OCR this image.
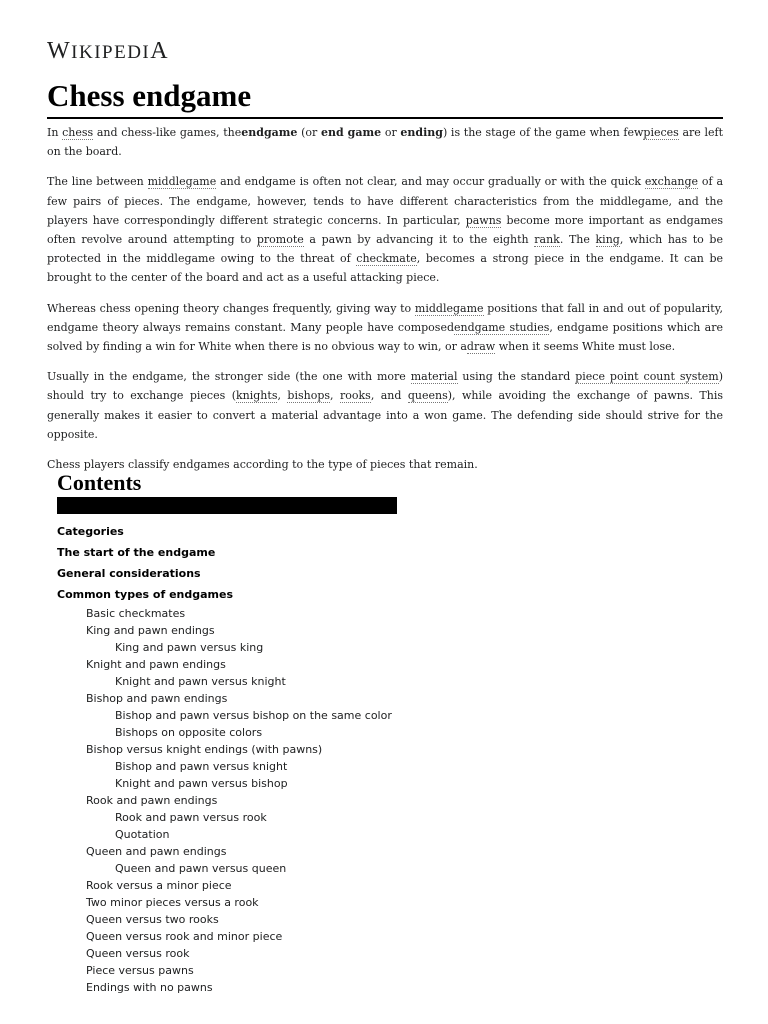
WIKIPEDIA
Chess endgame

In chess and chess-like games, theendgame (or end game or ending) is the stage of the game when fewpieces are left on the board.

The line between middlegame and endgame is often not clear, and may occur gradually or with the quick exchange of a few pairs of pieces. The endgame, however, tends to have different characteristics from the middlegame, and the players have correspondingly different strategic concerns. In particular, pawns become more important as endgames often revolve around attempting to promote a pawn by advancing it to the eighth rank. The king, which has to be protected in the middlegame owing to the threat of checkmate, becomes a strong piece in the endgame. It can be brought to the center of the board and act as a useful attacking piece.

Whereas chess opening theory changes frequently, giving way to middlegame positions that fall in and out of popularity, endgame theory always remains constant. Many people have composedendgame studies, endgame positions which are solved by finding a win for White when there is no obvious way to win, or adraw when it seems White must lose.

Usually in the endgame, the stronger side (the one with more material using the standard piece point count system) should try to exchange pieces (knights, bishops, rooks, and queens), while avoiding the exchange of pawns. This generally makes it easier to convert a material advantage into a won game. The defending side should strive for the opposite.

Chess players classify endgames according to the type of pieces that remain.

Contents
Categories
The start of the endgame
General considerations
Common types of endgames
Basic checkmates
King and pawn endings
King and pawn versus king
Knight and pawn endings
Knight and pawn versus knight
Bishop and pawn endings
Bishop and pawn versus bishop on the same color
Bishops on opposite colors
Bishop versus knight endings (with pawns)
Bishop and pawn versus knight
Knight and pawn versus bishop
Rook and pawn endings
Rook and pawn versus rook
Quotation
Queen and pawn endings
Queen and pawn versus queen
Rook versus a minor piece
Two minor pieces versus a rook
Queen versus two rooks
Queen versus rook and minor piece
Queen versus rook
Piece versus pawns
Endings with no pawns
